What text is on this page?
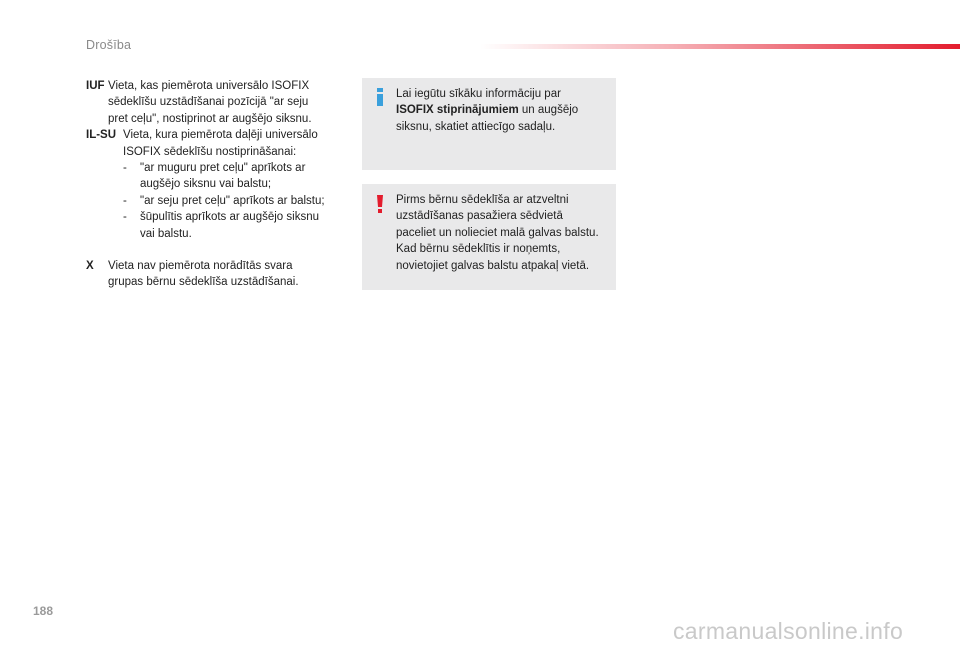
Drošība
IUF Vieta, kas piemērota universālo ISOFIX
sēdeklīšu uzstādīšanai pozīcijā "ar seju
pret ceļu", nostiprinot ar augšējo siksnu.
IL-SU Vieta, kura piemērota daļēji universālo
ISOFIX sēdeklīšu nostiprināšanai:
- "ar muguru pret ceļu" aprīkots ar
augšējo siksnu vai balstu;
- "ar seju pret ceļu" aprīkots ar balstu;
- šūpulītis aprīkots ar augšējo siksnu
vai balstu.
X Vieta nav piemērota norādītās svara
grupas bērnu sēdeklīša uzstādīšanai.
Lai iegūtu sīkāku informāciju par
ISOFIX stiprinājumiem un augšējo
siksnu, skatiet attiecīgo sadaļu.
Pirms bērnu sēdeklīša ar atzveltni
uzstādīšanas pasažiera sēdvietā
paceliet un nolieciet malā galvas balstu.
Kad bērnu sēdeklītis ir noņemts,
novietojiet galvas balstu atpakaļ vietā.
188
carmanualsonline.info
